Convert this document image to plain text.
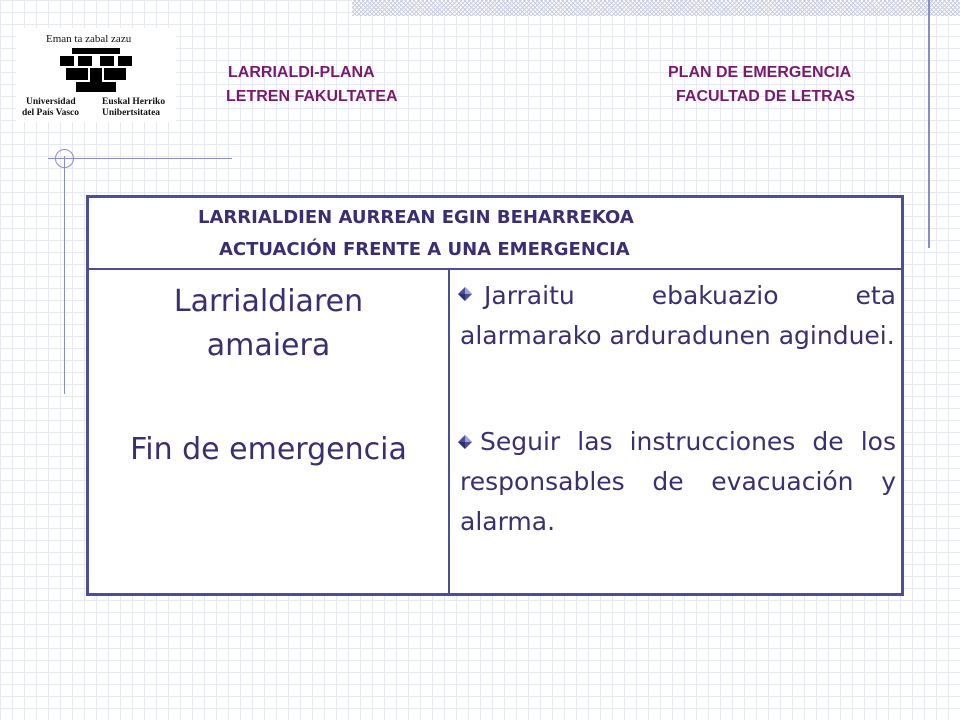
Eman ta zabal zazu
Universidad
del País Vasco
Euskal Herriko
Unibertsitatea
LARRIALDI-PLANA
LETREN FAKULTATEA
PLAN DE EMERGENCIA
FACULTAD DE LETRAS
LARRIALDIEN AURREAN EGIN BEHARREKOA
ACTUACIÓN FRENTE A UNA EMERGENCIA
Larrialdiaren
amaiera
Fin de emergencia
Jarraitu ebakuazio eta alarmarako arduradunen aginduei.
Seguir las instrucciones de los responsables de evacuación y alarma.
